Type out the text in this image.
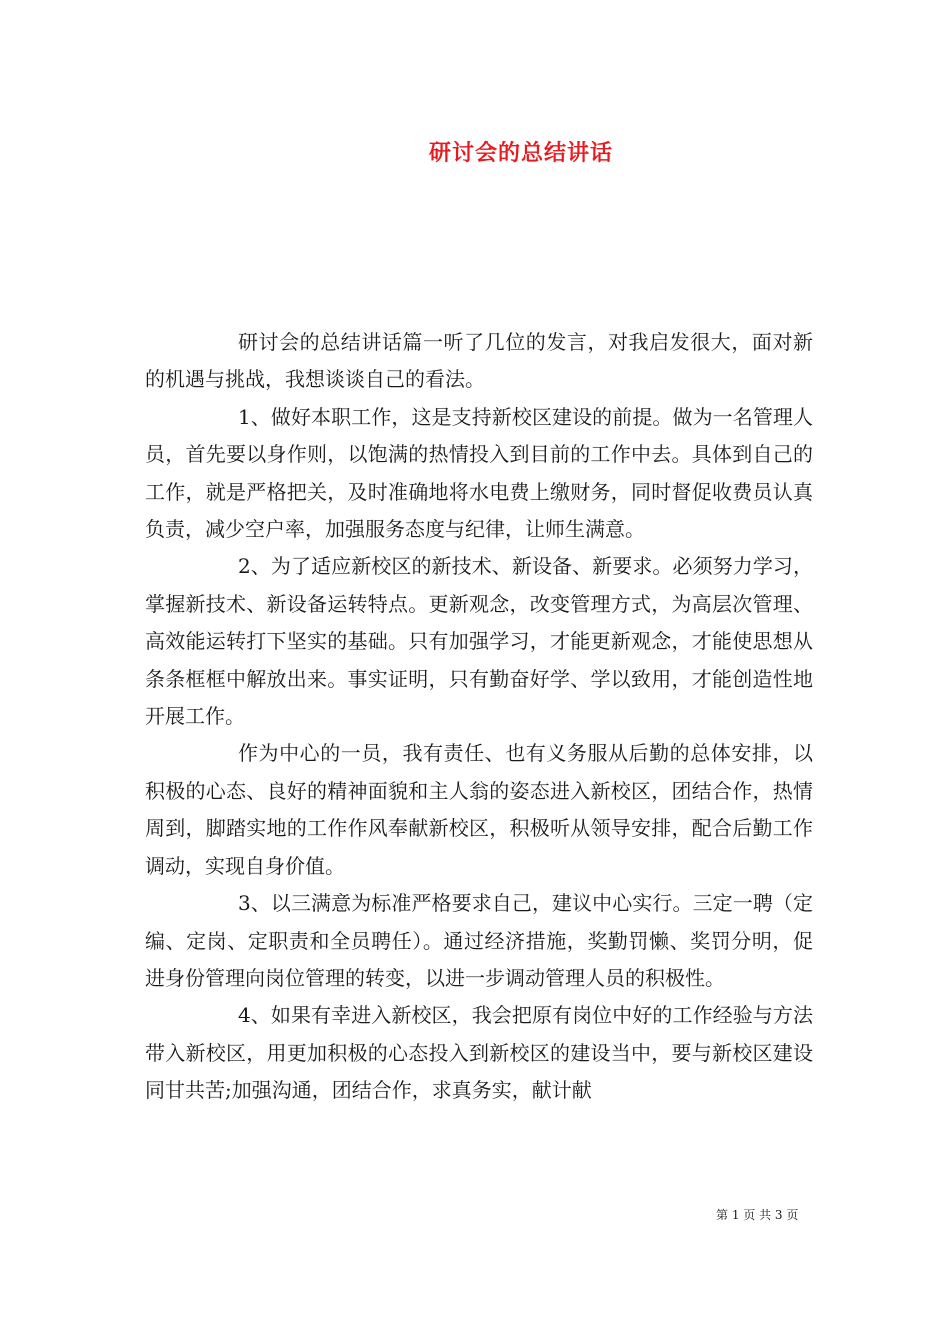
研讨会的总结讲话

研讨会的总结讲话篇一听了几位的发言，对我启发很大，面对新的机遇与挑战，我想谈谈自己的看法。

1、做好本职工作，这是支持新校区建设的前提。做为一名管理人员，首先要以身作则，以饱满的热情投入到目前的工作中去。具体到自己的工作，就是严格把关，及时准确地将水电费上缴财务，同时督促收费员认真负责，减少空户率，加强服务态度与纪律，让师生满意。

2、为了适应新校区的新技术、新设备、新要求。必须努力学习，掌握新技术、新设备运转特点。更新观念，改变管理方式，为高层次管理、高效能运转打下坚实的基础。只有加强学习，才能更新观念，才能使思想从条条框框中解放出来。事实证明，只有勤奋好学、学以致用，才能创造性地开展工作。

作为中心的一员，我有责任、也有义务服从后勤的总体安排，以积极的心态、良好的精神面貌和主人翁的姿态进入新校区，团结合作，热情周到，脚踏实地的工作作风奉献新校区，积极听从领导安排，配合后勤工作调动，实现自身价值。

3、以三满意为标准严格要求自己，建议中心实行。三定一聘（定编、定岗、定职责和全员聘任）。通过经济措施，奖勤罚懒、奖罚分明，促进身份管理向岗位管理的转变，以进一步调动管理人员的积极性。

4、如果有幸进入新校区，我会把原有岗位中好的工作经验与方法带入新校区，用更加积极的心态投入到新校区的建设当中，要与新校区建设同甘共苦;加强沟通，团结合作，求真务实，献计献

第 1 页 共 3 页
